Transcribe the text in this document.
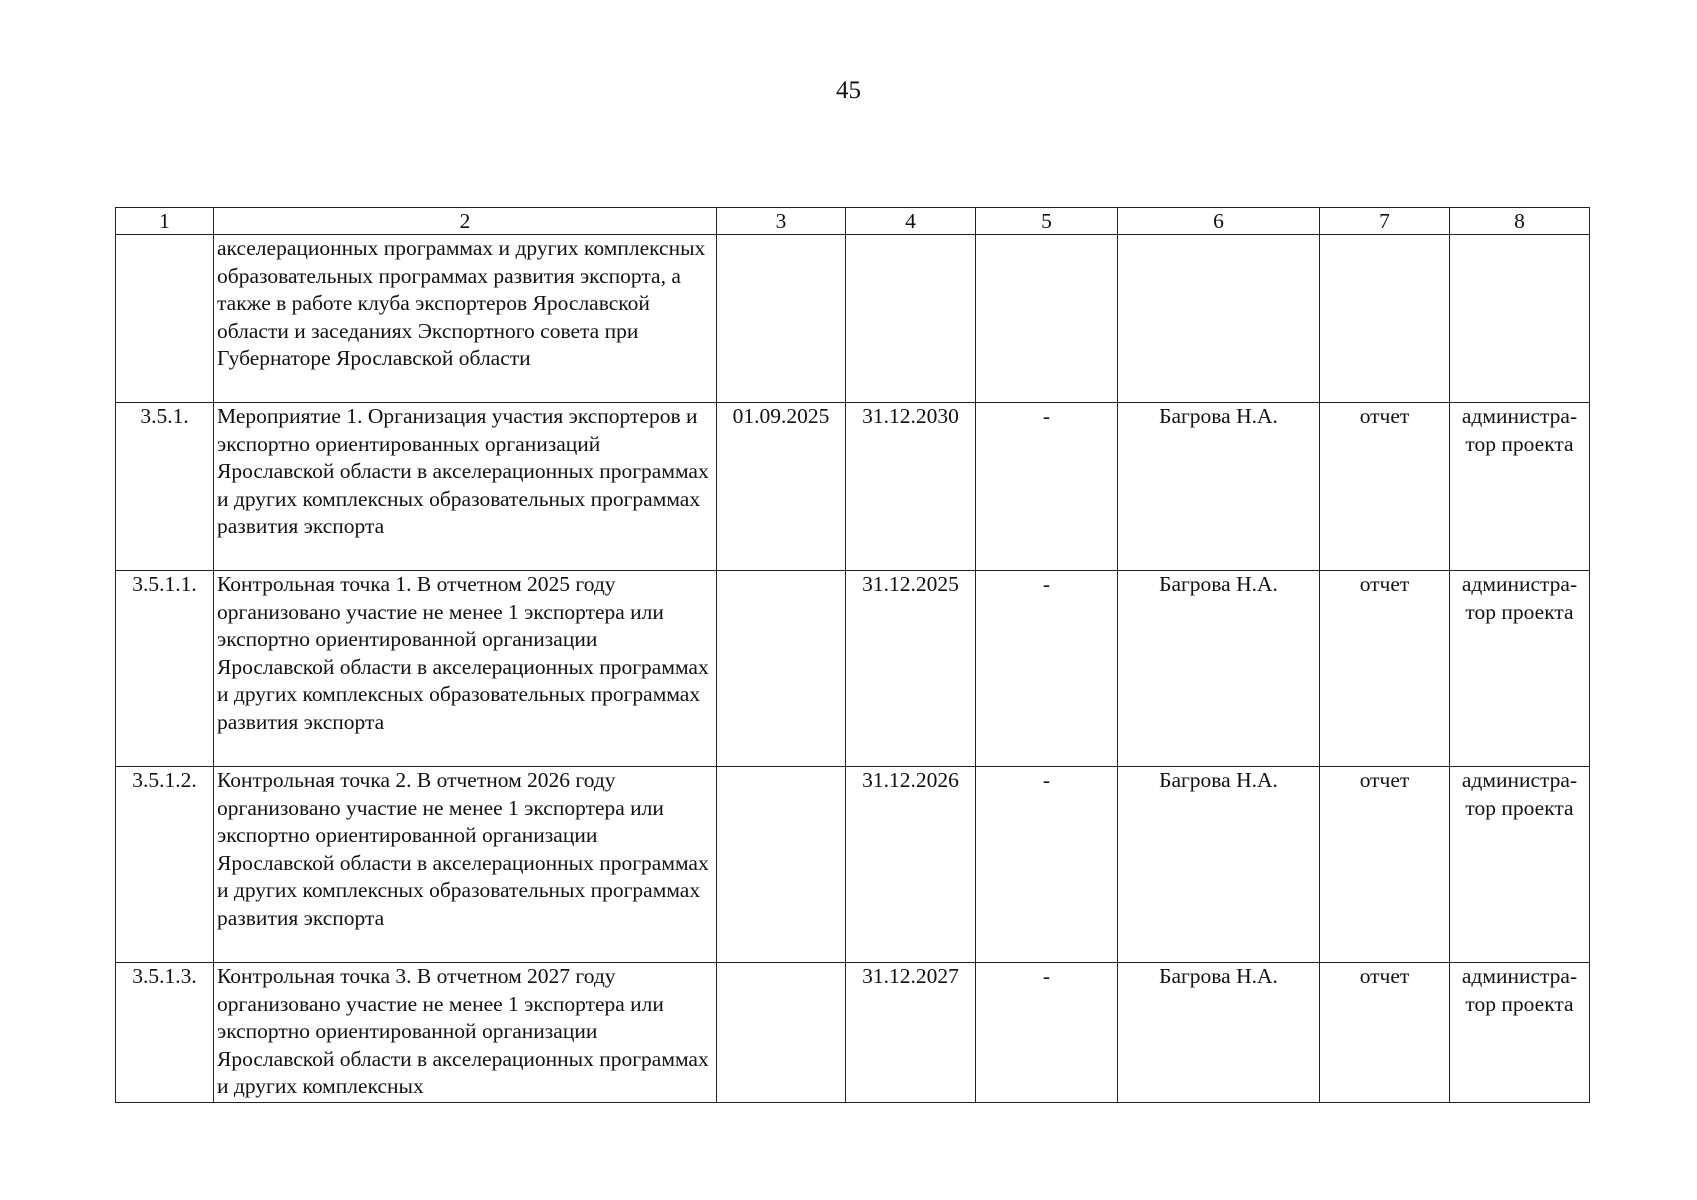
45
1	2	3	4	5	6	7	8
	акселерационных программах и других комплексных образовательных программах развития экспорта, а также в работе клуба экспортеров Ярославской области и заседаниях Экспортного совета при Губернаторе Ярославской области						
3.5.1.	Мероприятие 1. Организация участия экспортеров и экспортно ориентированных организаций Ярославской области в акселерационных программах и других комплексных образовательных программах развития экспорта	01.09.2025	31.12.2030	-	Багрова Н.А.	отчет	администра-тор проекта
3.5.1.1.	Контрольная точка 1. В отчетном 2025 году организовано участие не менее 1 экспортера или экспортно ориентированной организации Ярославской области в акселерационных программах и других комплексных образовательных программах развития экспорта		31.12.2025	-	Багрова Н.А.	отчет	администра-тор проекта
3.5.1.2.	Контрольная точка 2. В отчетном 2026 году организовано участие не менее 1 экспортера или экспортно ориентированной организации Ярославской области в акселерационных программах и других комплексных образовательных программах развития экспорта		31.12.2026	-	Багрова Н.А.	отчет	администра-тор проекта
3.5.1.3.	Контрольная точка 3. В отчетном 2027 году организовано участие не менее 1 экспортера или экспортно ориентированной организации Ярославской области в акселерационных программах и других комплексных		31.12.2027	-	Багрова Н.А.	отчет	администра-тор проекта
